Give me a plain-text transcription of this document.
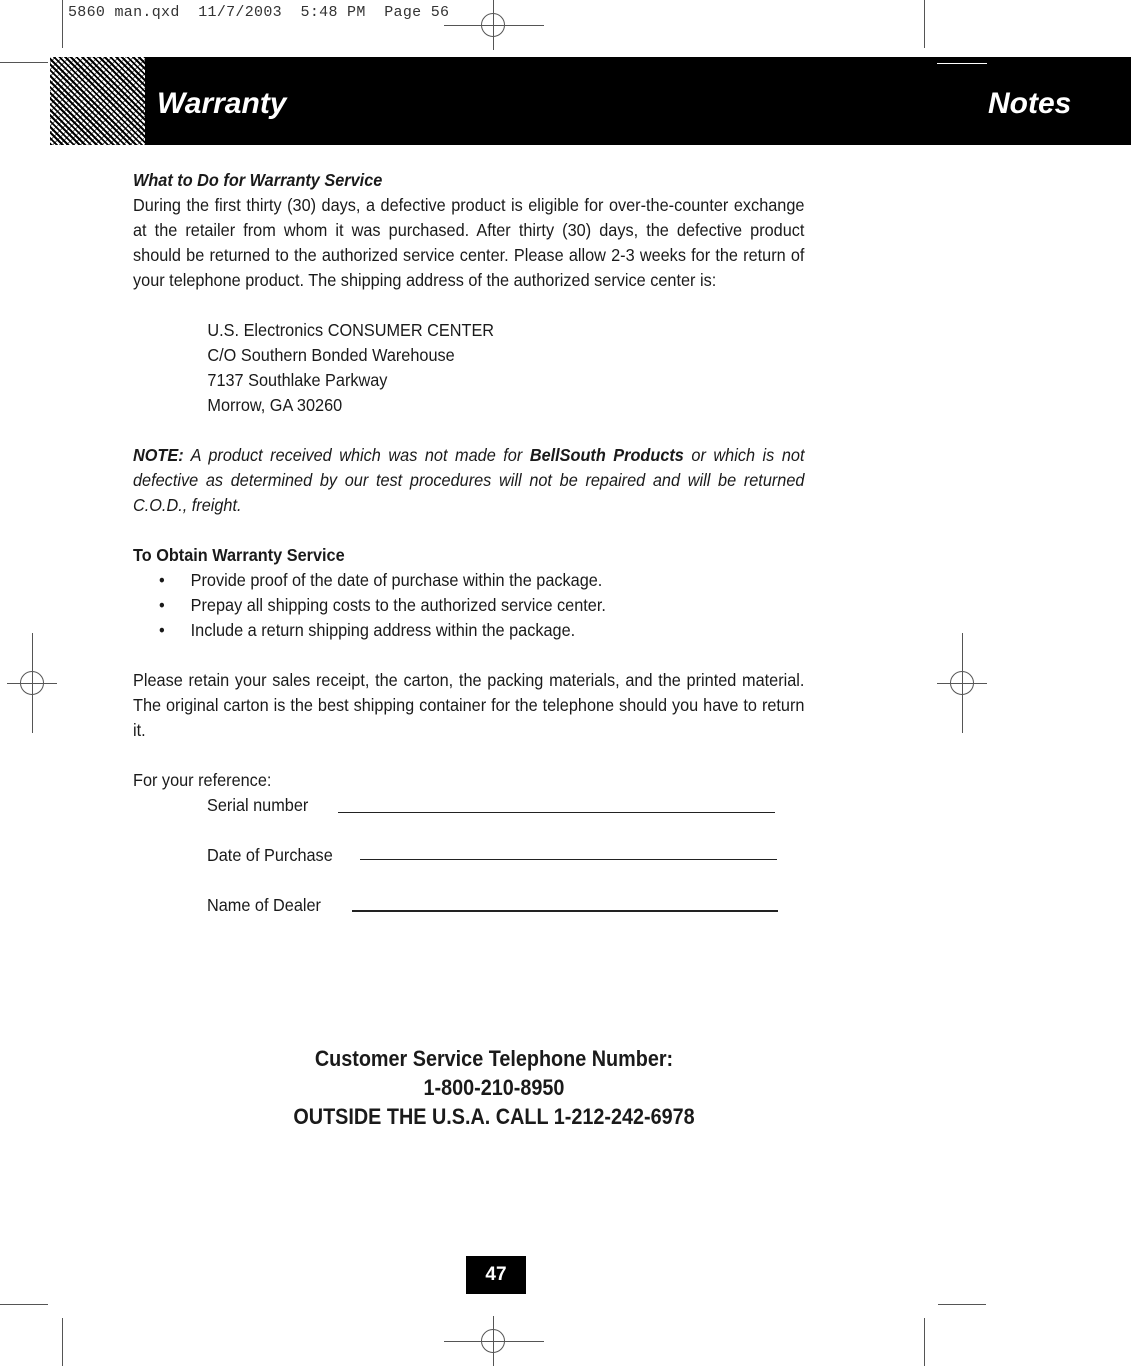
5860 man.qxd  11/7/2003  5:48 PM  Page 56
Warranty	Notes

What to Do for Warranty Service

During the first thirty (30) days, a defective product is eligible for over-the-counter exchange at the retailer from whom it was purchased. After thirty (30) days, the defective product should be returned to the authorized service center. Please allow 2-3 weeks for the return of your telephone product. The shipping address of the authorized service center is:

U.S. Electronics CONSUMER CENTER

C/O Southern Bonded Warehouse

7137 Southlake Parkway

Morrow, GA 30260

NOTE: A product received which was not made for BellSouth Products or which is not defective as determined by our test procedures will not be repaired and will be returned C.O.D., freight.

To Obtain Warranty Service

• Provide proof of the date of purchase within the package.
• Prepay all shipping costs to the authorized service center.
• Include a return shipping address within the package.

Please retain your sales receipt, the carton, the packing materials, and the printed material. The original carton is the best shipping container for the telephone should you have to return it.

For your reference:

Serial number
Date of Purchase
Name of Dealer
Customer Service Telephone Number:
1-800-210-8950
OUTSIDE THE U.S.A. CALL 1-212-242-6978
47
